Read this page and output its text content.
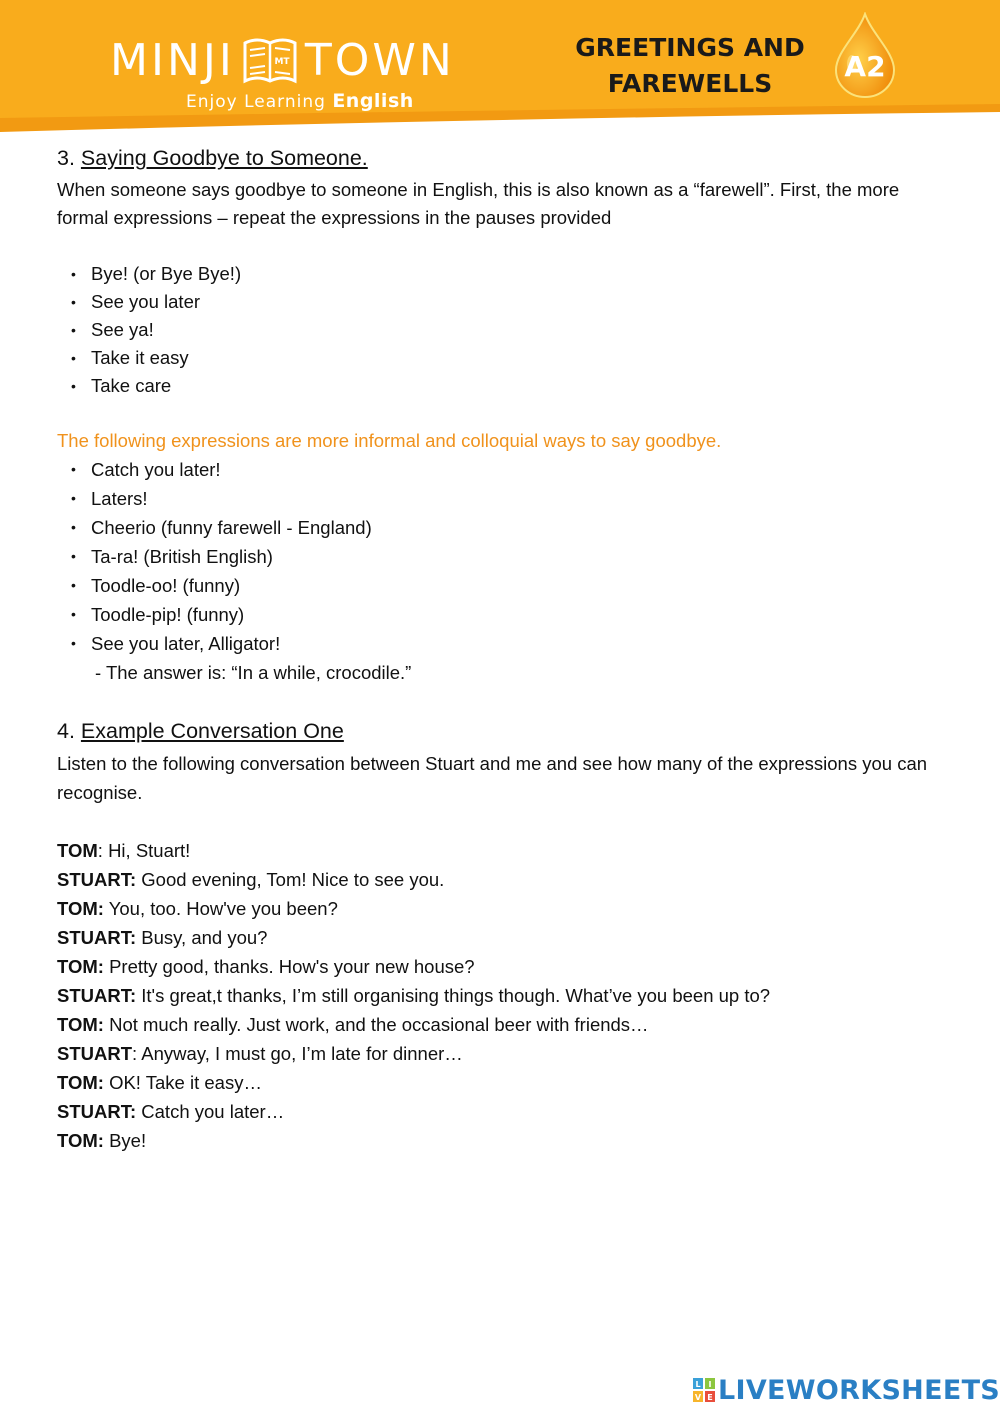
MINJI	MT TOWN
Enjoy Learning English
GREETINGS AND
FAREWELLS
A2
3. Saying Goodbye to Someone.

When someone says goodbye to someone in English, this is also known as a “farewell”. First, the more formal expressions – repeat the expressions in the pauses provided

• Bye! (or Bye Bye!)
• See you later
• See ya!
• Take it easy
• Take care

The following expressions are more informal and colloquial ways to say goodbye.

• Catch you later!
• Laters!
• Cheerio (funny farewell - England)
• Ta-ra! (British English)
• Toodle-oo! (funny)
• Toodle-pip! (funny)
• See you later, Alligator!

- The answer is: “In a while, crocodile.”

4. Example Conversation One

Listen to the following conversation between Stuart and me and see how many of the expressions you can recognise.

TOM: Hi, Stuart!
STUART: Good evening, Tom! Nice to see you.
TOM: You, too. How've you been?
STUART: Busy, and you?
TOM: Pretty good, thanks. How's your new house?
STUART: It's great,t thanks, I’m still organising things though. What’ve you been up to?
TOM: Not much really. Just work, and the occasional beer with friends…
STUART: Anyway, I must go, I’m late for dinner…
TOM: OK! Take it easy…
STUART: Catch you later…
TOM: Bye!
L I
V E LIVEWORKSHEETS
